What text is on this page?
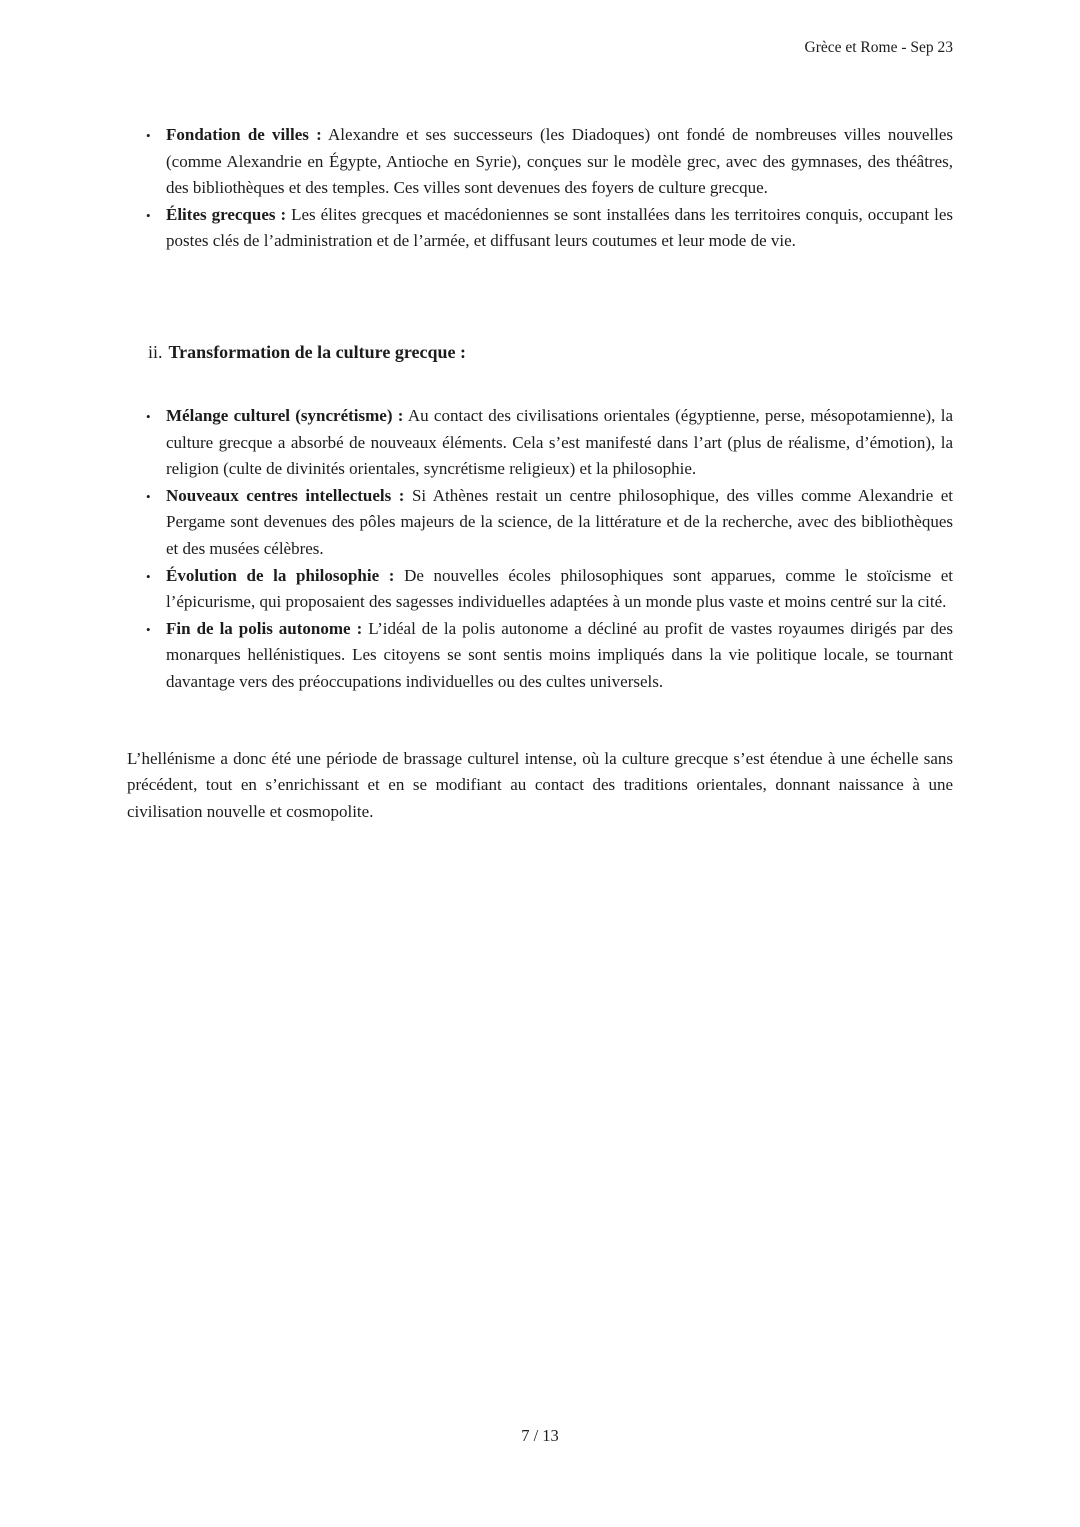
Grèce et Rome - Sep 23
• Fondation de villes : Alexandre et ses successeurs (les Diadoques) ont fondé de nombreuses villes nouvelles (comme Alexandrie en Égypte, Antioche en Syrie), conçues sur le modèle grec, avec des gymnases, des théâtres, des bibliothèques et des temples. Ces villes sont devenues des foyers de culture grecque.
• Élites grecques : Les élites grecques et macédoniennes se sont installées dans les territoires conquis, occupant les postes clés de l’administration et de l’armée, et diffusant leurs coutumes et leur mode de vie.
ii. Transformation de la culture grecque :
• Mélange culturel (syncrétisme) : Au contact des civilisations orientales (égyptienne, perse, mésopotamienne), la culture grecque a absorbé de nouveaux éléments. Cela s’est manifesté dans l’art (plus de réalisme, d’émotion), la religion (culte de divinités orientales, syncrétisme religieux) et la philosophie.
• Nouveaux centres intellectuels : Si Athènes restait un centre philosophique, des villes comme Alexandrie et Pergame sont devenues des pôles majeurs de la science, de la littérature et de la recherche, avec des bibliothèques et des musées célèbres.
• Évolution de la philosophie : De nouvelles écoles philosophiques sont apparues, comme le stoïcisme et l’épicurisme, qui proposaient des sagesses individuelles adaptées à un monde plus vaste et moins centré sur la cité.
• Fin de la polis autonome : L’idéal de la polis autonome a décliné au profit de vastes royaumes dirigés par des monarques hellénistiques. Les citoyens se sont sentis moins impliqués dans la vie politique locale, se tournant davantage vers des préoccupations individuelles ou des cultes universels.
L’hellénisme a donc été une période de brassage culturel intense, où la culture grecque s’est étendue à une échelle sans précédent, tout en s’enrichissant et en se modifiant au contact des traditions orientales, donnant naissance à une civilisation nouvelle et cosmopolite.
7 / 13
